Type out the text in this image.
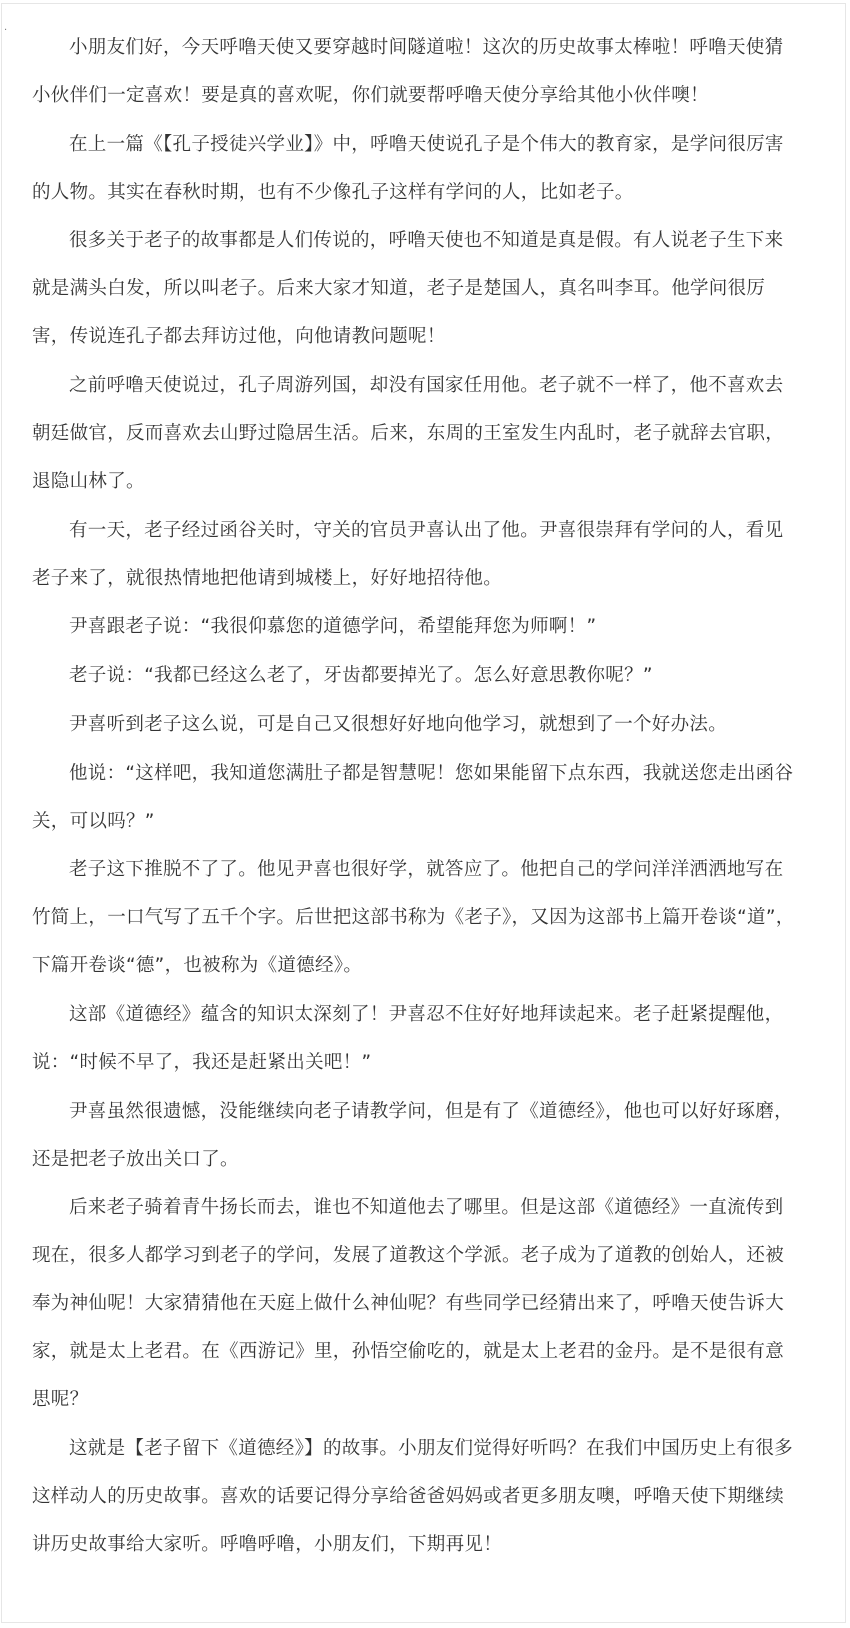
.

小朋友们好，今天呼噜天使又要穿越时间隧道啦！这次的历史故事太棒啦！呼噜天使猜小伙伴们一定喜欢！要是真的喜欢呢，你们就要帮呼噜天使分享给其他小伙伴噢！

在上一篇《【孔子授徒兴学业】》中，呼噜天使说孔子是个伟大的教育家，是学问很厉害的人物。其实在春秋时期，也有不少像孔子这样有学问的人，比如老子。

很多关于老子的故事都是人们传说的，呼噜天使也不知道是真是假。有人说老子生下来就是满头白发，所以叫老子。后来大家才知道，老子是楚国人，真名叫李耳。他学问很厉害，传说连孔子都去拜访过他，向他请教问题呢！

之前呼噜天使说过，孔子周游列国，却没有国家任用他。老子就不一样了，他不喜欢去朝廷做官，反而喜欢去山野过隐居生活。后来，东周的王室发生内乱时，老子就辞去官职，退隐山林了。

有一天，老子经过函谷关时，守关的官员尹喜认出了他。尹喜很崇拜有学问的人，看见老子来了，就很热情地把他请到城楼上，好好地招待他。

尹喜跟老子说：“我很仰慕您的道德学问，希望能拜您为师啊！”

老子说：“我都已经这么老了，牙齿都要掉光了。怎么好意思教你呢？”

尹喜听到老子这么说，可是自己又很想好好地向他学习，就想到了一个好办法。

他说：“这样吧，我知道您满肚子都是智慧呢！您如果能留下点东西，我就送您走出函谷关，可以吗？”

老子这下推脱不了了。他见尹喜也很好学，就答应了。他把自己的学问洋洋洒洒地写在竹简上，一口气写了五千个字。后世把这部书称为《老子》，又因为这部书上篇开卷谈“道”，下篇开卷谈“德”，也被称为《道德经》。

这部《道德经》蕴含的知识太深刻了！尹喜忍不住好好地拜读起来。老子赶紧提醒他，说：“时候不早了，我还是赶紧出关吧！”

尹喜虽然很遗憾，没能继续向老子请教学问，但是有了《道德经》，他也可以好好琢磨，还是把老子放出关口了。

后来老子骑着青牛扬长而去，谁也不知道他去了哪里。但是这部《道德经》一直流传到现在，很多人都学习到老子的学问，发展了道教这个学派。老子成为了道教的创始人，还被奉为神仙呢！大家猜猜他在天庭上做什么神仙呢？有些同学已经猜出来了，呼噜天使告诉大家，就是太上老君。在《西游记》里，孙悟空偷吃的，就是太上老君的金丹。是不是很有意思呢？

这就是【老子留下《道德经》】的故事。小朋友们觉得好听吗？在我们中国历史上有很多这样动人的历史故事。喜欢的话要记得分享给爸爸妈妈或者更多朋友噢，呼噜天使下期继续讲历史故事给大家听。呼噜呼噜，小朋友们，下期再见！
